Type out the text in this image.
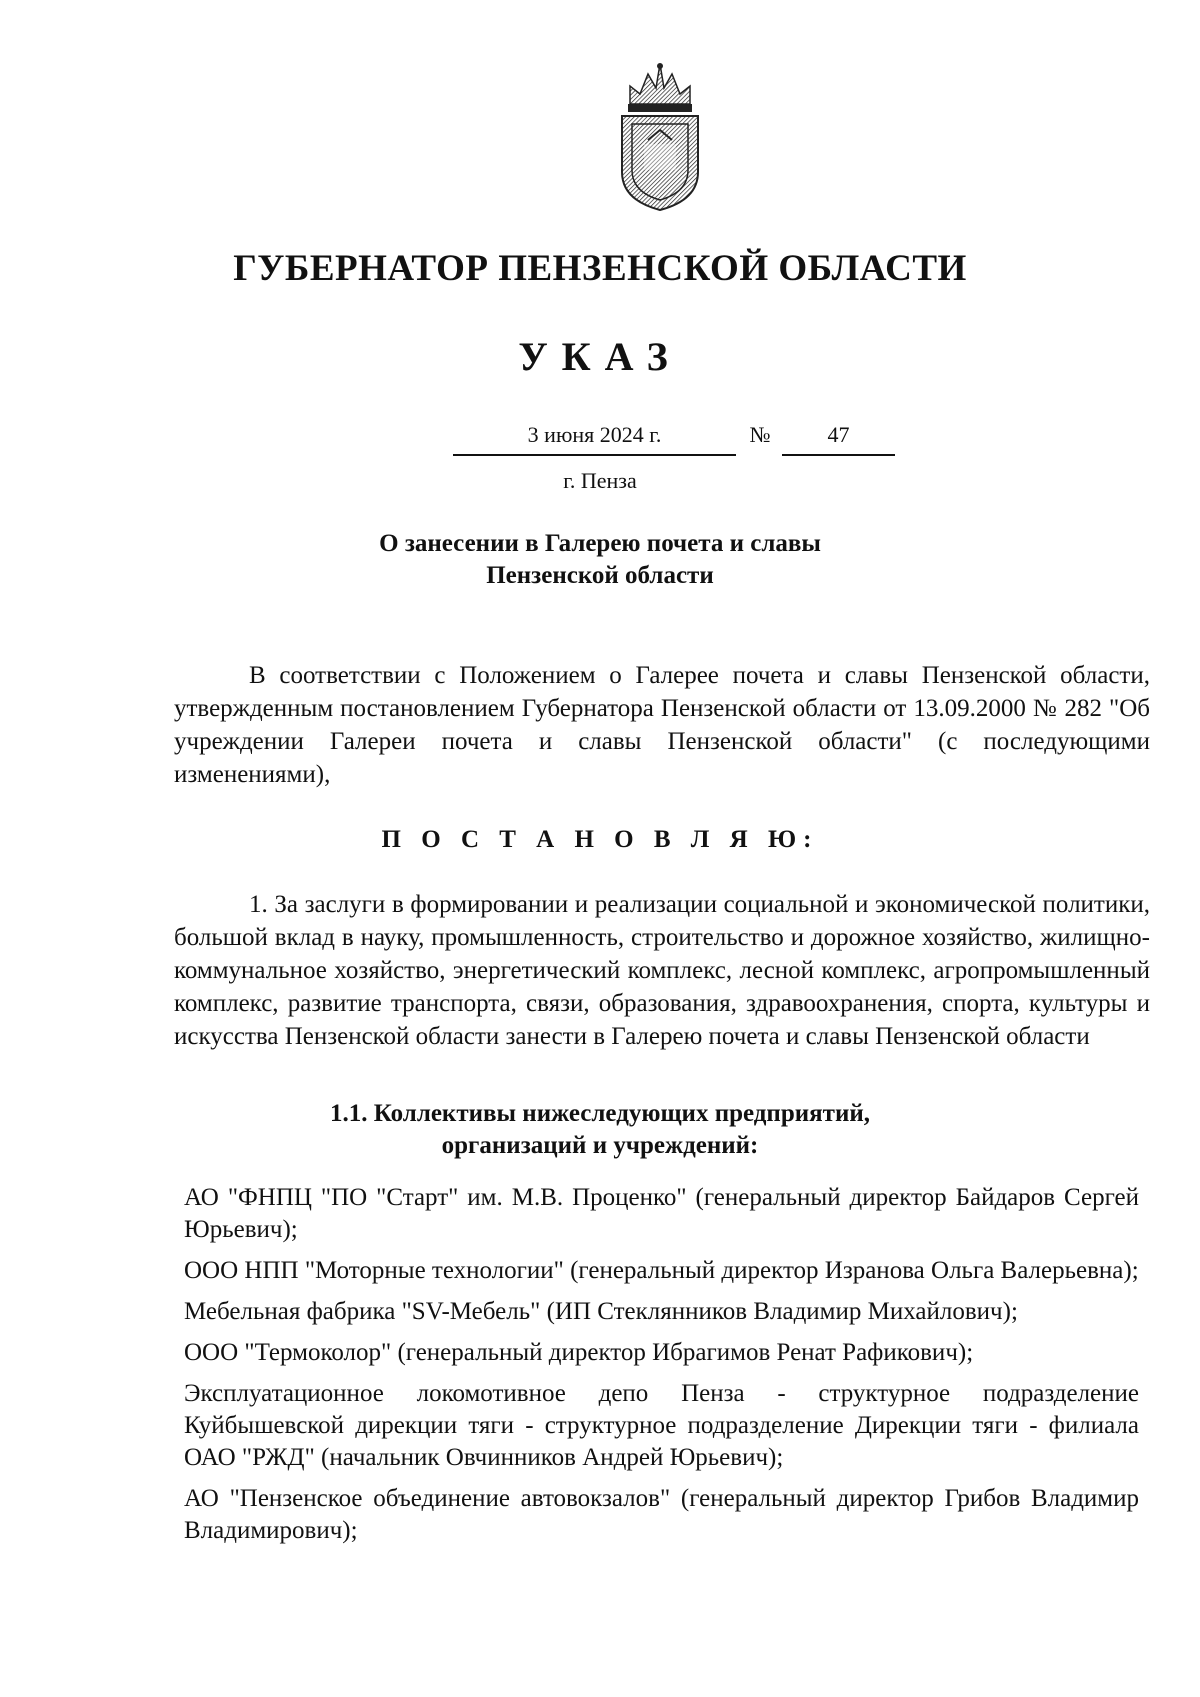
ГУБЕРНАТОР ПЕНЗЕНСКОЙ ОБЛАСТИ
УКАЗ
3 июня 2024 г.	№	47
г. Пенза
О занесении в Галерею почета и славы
Пензенской области
В соответствии с Положением о Галерее почета и славы Пензенской области, утвержденным постановлением Губернатора Пензенской области от 13.09.2000 № 282 "Об учреждении Галереи почета и славы Пензенской области" (с последующими изменениями),
П О С Т А Н О В Л Я Ю:
1. За заслуги в формировании и реализации социальной и экономической политики, большой вклад в науку, промышленность, строительство и дорожное хозяйство, жилищно-коммунальное хозяйство, энергетический комплекс, лесной комплекс, агропромышленный комплекс, развитие транспорта, связи, образования, здравоохранения, спорта, культуры и искусства Пензенской области занести в Галерею почета и славы Пензенской области
1.1. Коллективы нижеследующих предприятий,
организаций и учреждений:
АО "ФНПЦ "ПО "Старт" им. М.В. Проценко" (генеральный директор Байдаров Сергей Юрьевич);
ООО НПП "Моторные технологии" (генеральный директор Изранова Ольга Валерьевна);
Мебельная фабрика "SV-Мебель" (ИП Стеклянников Владимир Михайлович);
ООО "Термоколор" (генеральный директор Ибрагимов Ренат Рафикович);
Эксплуатационное локомотивное депо Пенза - структурное подразделение Куйбышевской дирекции тяги - структурное подразделение Дирекции тяги - филиала ОАО "РЖД" (начальник Овчинников Андрей Юрьевич);
АО "Пензенское объединение автовокзалов" (генеральный директор Грибов Владимир Владимирович);
